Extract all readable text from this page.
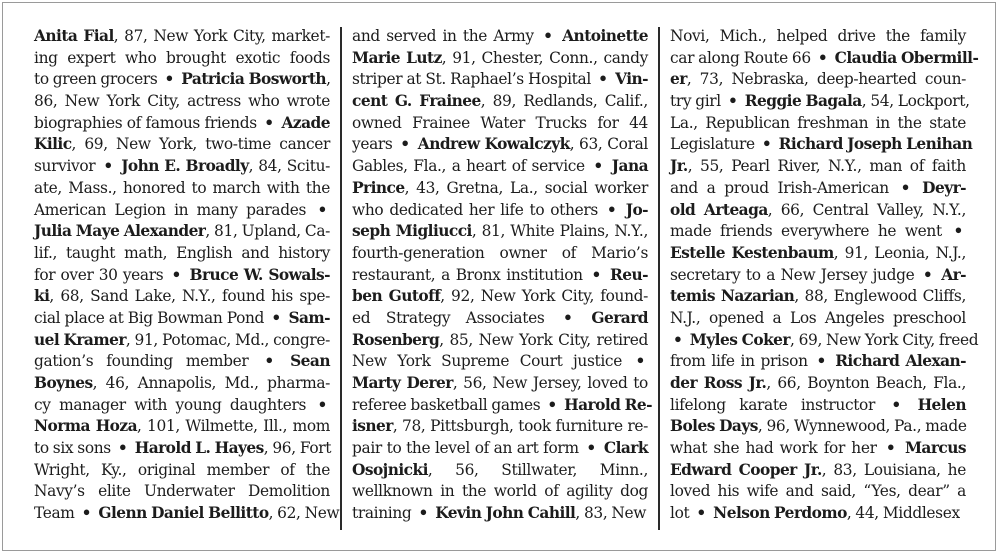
Anita Fial, 87, New York City, market-
ing expert who brought exotic foods
to green grocers • Patricia Bosworth,
86, New York City, actress who wrote
biographies of famous friends • Azade
Kilic, 69, New York, two-time cancer
survivor • John E. Broadly, 84, Scitu-
ate, Mass., honored to march with the
American Legion in many parades •
Julia Maye Alexander, 81, Upland, Ca-
lif., taught math, English and history
for over 30 years • Bruce W. Sowals-
ki, 68, Sand Lake, N.Y., found his spe-
cial place at Big Bowman Pond • Sam-
uel Kramer, 91, Potomac, Md., congre-
gation’s founding member • Sean
Boynes, 46, Annapolis, Md., pharma-
cy manager with young daughters •
Norma Hoza, 101, Wilmette, Ill., mom
to six sons • Harold L. Hayes, 96, Fort
Wright, Ky., original member of the
Navy’s elite Underwater Demolition
Team • Glenn Daniel Bellitto, 62, New
and served in the Army • Antoinette
Marie Lutz, 91, Chester, Conn., candy
striper at St. Raphael’s Hospital • Vin-
cent G. Frainee, 89, Redlands, Calif.,
owned Frainee Water Trucks for 44
years • Andrew Kowalczyk, 63, Coral
Gables, Fla., a heart of service • Jana
Prince, 43, Gretna, La., social worker
who dedicated her life to others • Jo-
seph Migliucci, 81, White Plains, N.Y.,
fourth-generation owner of Mario’s
restaurant, a Bronx institution • Reu-
ben Gutoff, 92, New York City, found-
ed Strategy Associates • Gerard
Rosenberg, 85, New York City, retired
New York Supreme Court justice •
Marty Derer, 56, New Jersey, loved to
referee basketball games • Harold Re-
isner, 78, Pittsburgh, took furniture re-
pair to the level of an art form • Clark
Osojnicki, 56, Stillwater, Minn.,
wellknown in the world of agility dog
training • Kevin John Cahill, 83, New
Novi, Mich., helped drive the family
car along Route 66 • Claudia Obermill-
er, 73, Nebraska, deep-hearted coun-
try girl • Reggie Bagala, 54, Lockport,
La., Republican freshman in the state
Legislature • Richard Joseph Lenihan
Jr., 55, Pearl River, N.Y., man of faith
and a proud Irish-American • Deyr-
old Arteaga, 66, Central Valley, N.Y.,
made friends everywhere he went •
Estelle Kestenbaum, 91, Leonia, N.J.,
secretary to a New Jersey judge • Ar-
temis Nazarian, 88, Englewood Cliffs,
N.J., opened a Los Angeles preschool
• Myles Coker, 69, New York City, freed
from life in prison • Richard Alexan-
der Ross Jr., 66, Boynton Beach, Fla.,
lifelong karate instructor • Helen
Boles Days, 96, Wynnewood, Pa., made
what she had work for her • Marcus
Edward Cooper Jr., 83, Louisiana, he
loved his wife and said, “Yes, dear” a
lot • Nelson Perdomo, 44, Middlesex
